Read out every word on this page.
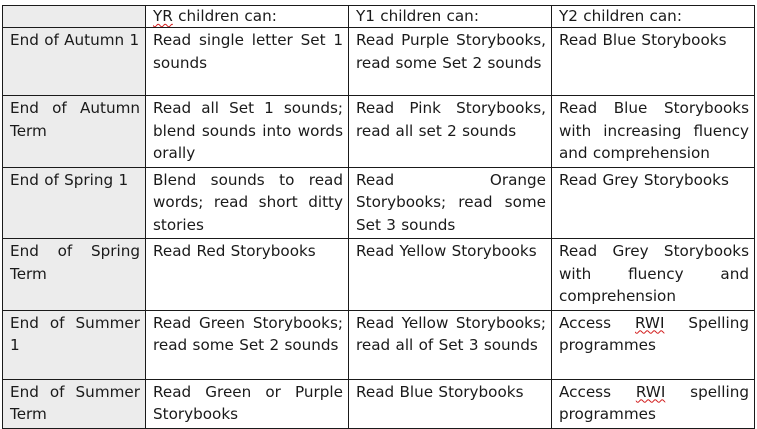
	YR children can:	Y1 children can:	Y2 children can:
End of Autumn 1	Read single letter Set 1 sounds	Read Purple Storybooks, read some Set 2 sounds	Read Blue Storybooks
End of Autumn Term	Read all Set 1 sounds; blend sounds into words orally	Read Pink Storybooks, read all set 2 sounds	Read Blue Storybooks with increasing fluency and comprehension
End of Spring 1	Blend sounds to read words; read short ditty stories	Read Orange Storybooks; read some Set 3 sounds	Read Grey Storybooks
End of Spring Term	Read Red Storybooks	Read Yellow Storybooks	Read Grey Storybooks with fluency and comprehension
End of Summer 1	Read Green Storybooks; read some Set 2 sounds	Read Yellow Storybooks; read all of Set 3 sounds	Access RWI Spelling programmes
End of Summer Term	Read Green or Purple Storybooks	Read Blue Storybooks	Access RWI spelling programmes
